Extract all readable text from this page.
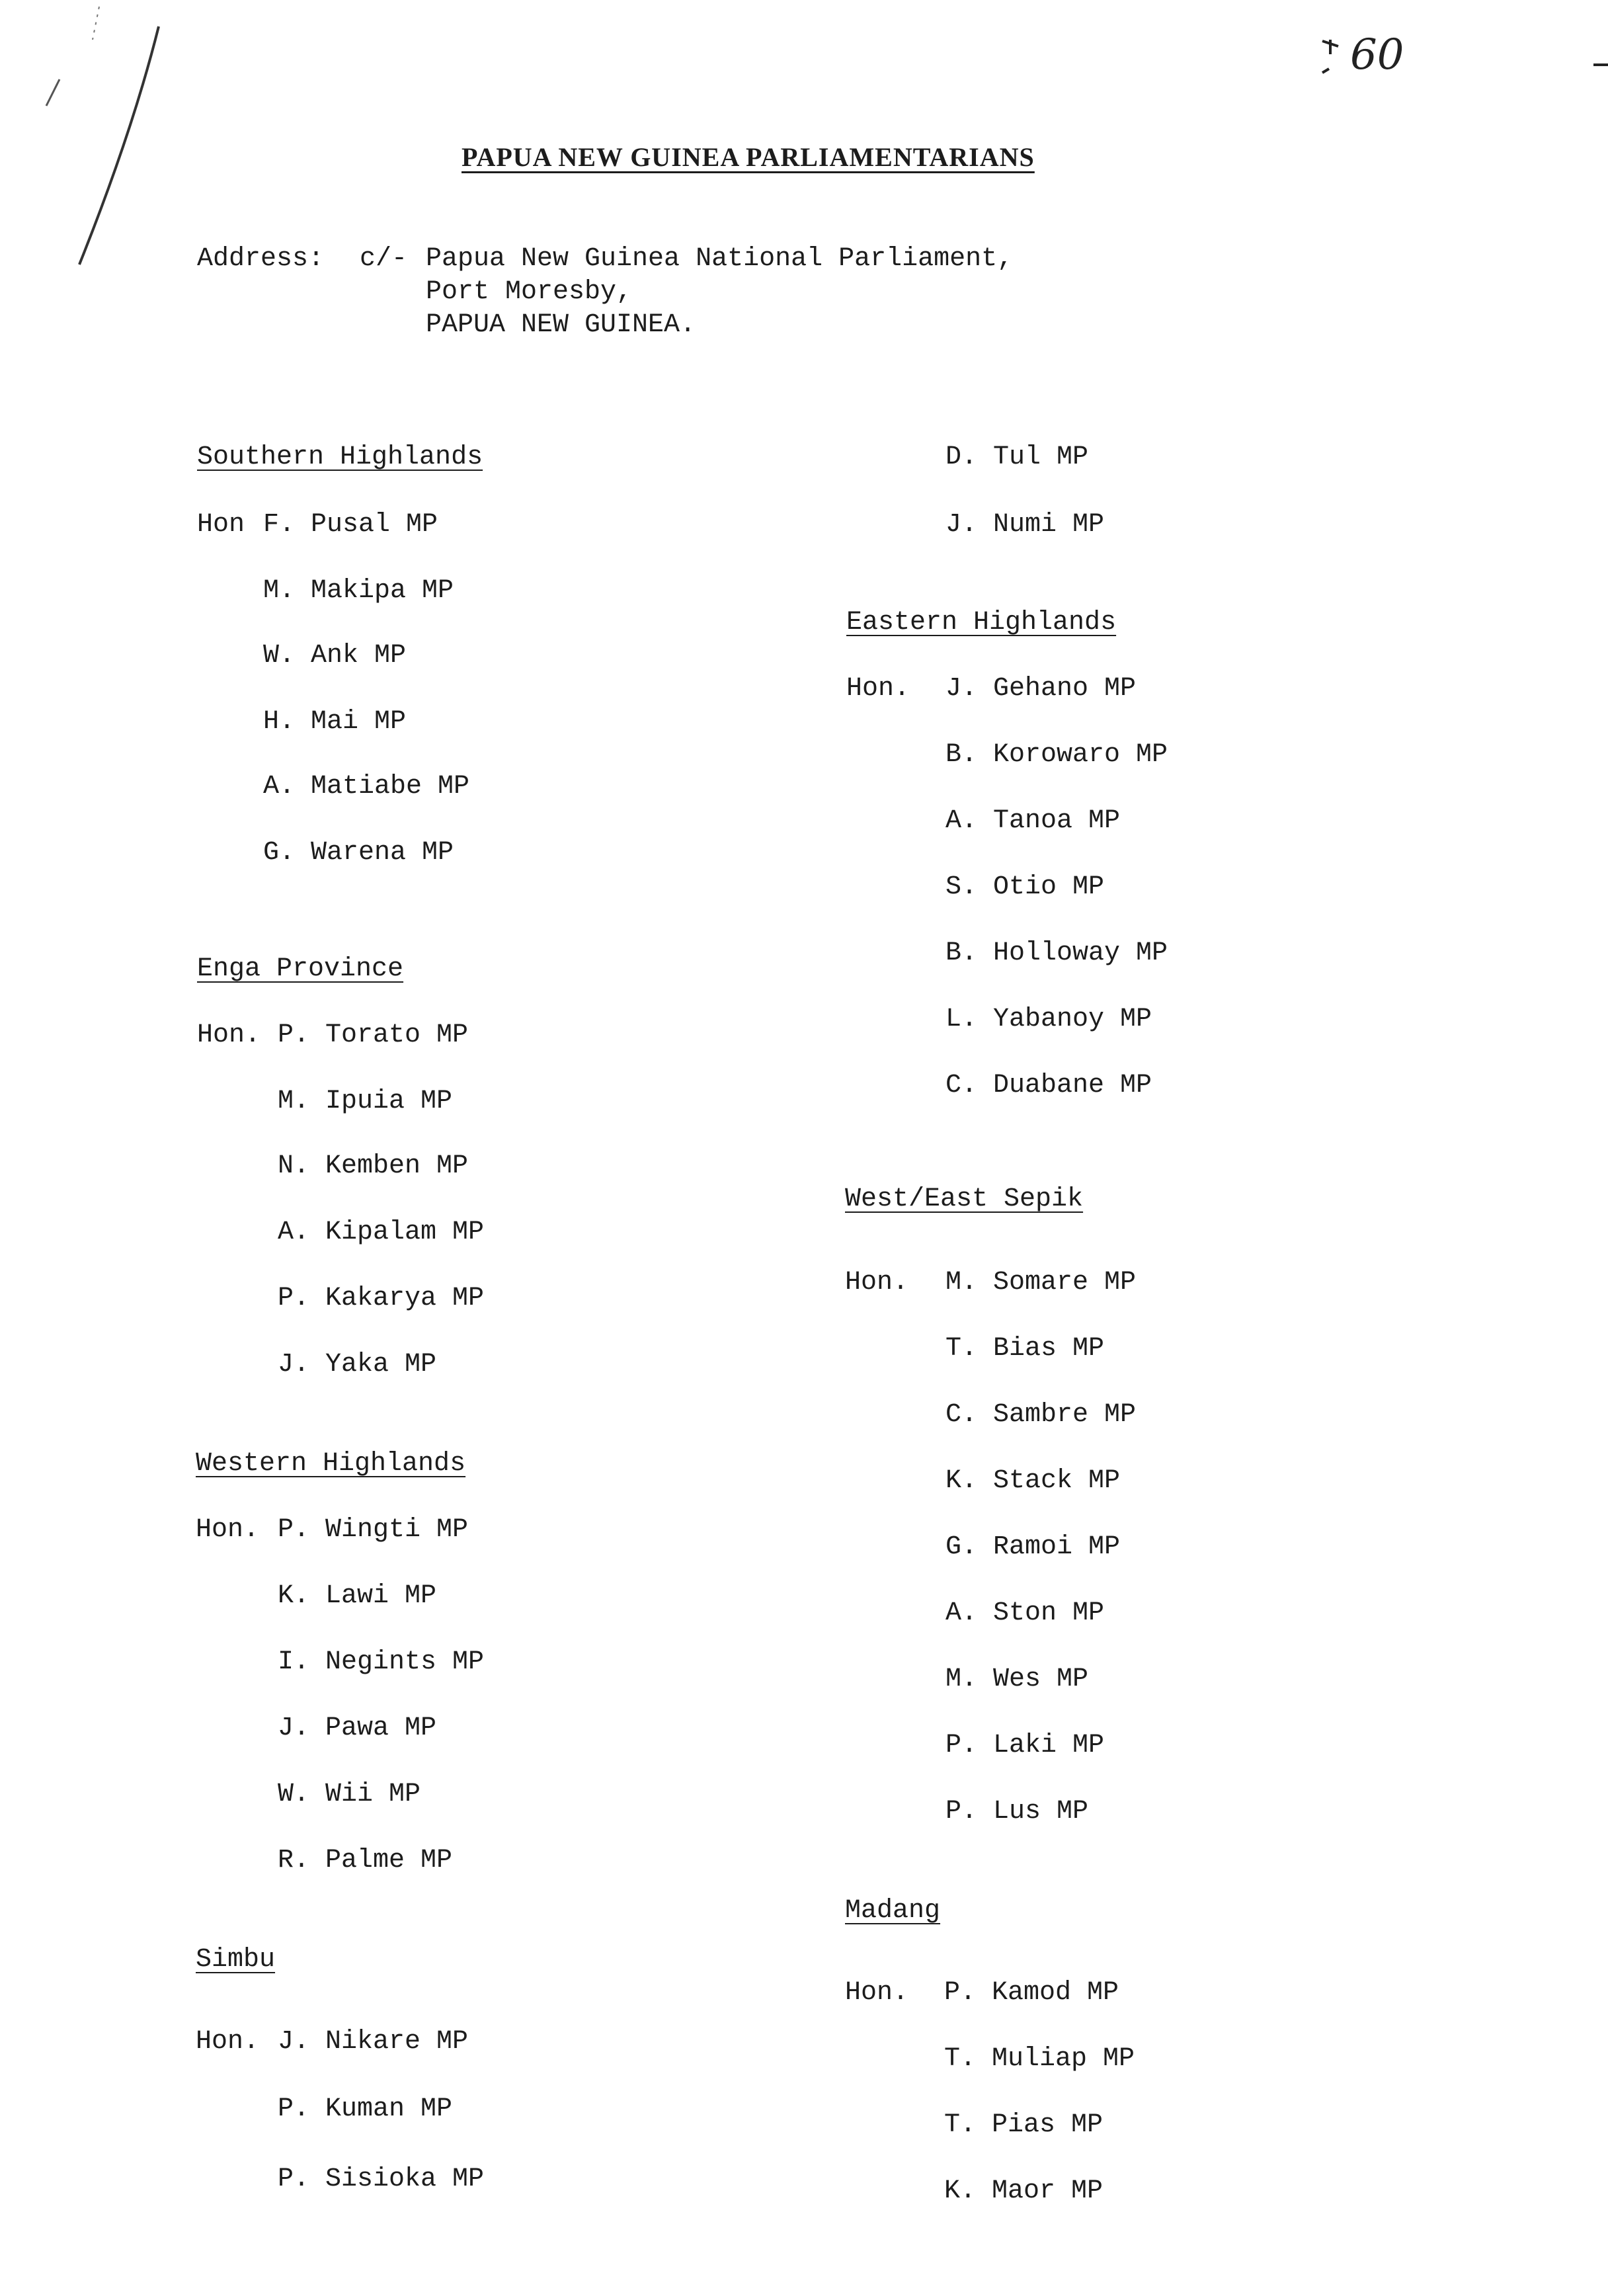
60
PAPUA NEW GUINEA PARLIAMENTARIANS
Address: c/- Papua New Guinea National Parliament,
Port Moresby,
PAPUA NEW GUINEA.
Southern Highlands
Hon F. Pusal MP
M. Makipa MP
W. Ank MP
H. Mai MP
A. Matiabe MP
G. Warena MP
Enga Province
Hon. P. Torato MP
M. Ipuia MP
N. Kemben MP
A. Kipalam MP
P. Kakarya MP
J. Yaka MP
Western Highlands
Hon. P. Wingti MP
K. Lawi MP
I. Negints MP
J. Pawa MP
W. Wii MP
R. Palme MP
Simbu
Hon. J. Nikare MP
P. Kuman MP
P. Sisioka MP
D. Tul MP
J. Numi MP
Eastern Highlands
Hon. J. Gehano MP
B. Korowaro MP
A. Tanoa MP
S. Otio MP
B. Holloway MP
L. Yabanoy MP
C. Duabane MP
West/East Sepik
Hon. M. Somare MP
T. Bias MP
C. Sambre MP
K. Stack MP
G. Ramoi MP
A. Ston MP
M. Wes MP
P. Laki MP
P. Lus MP
Madang
Hon. P. Kamod MP
T. Muliap MP
T. Pias MP
K. Maor MP
